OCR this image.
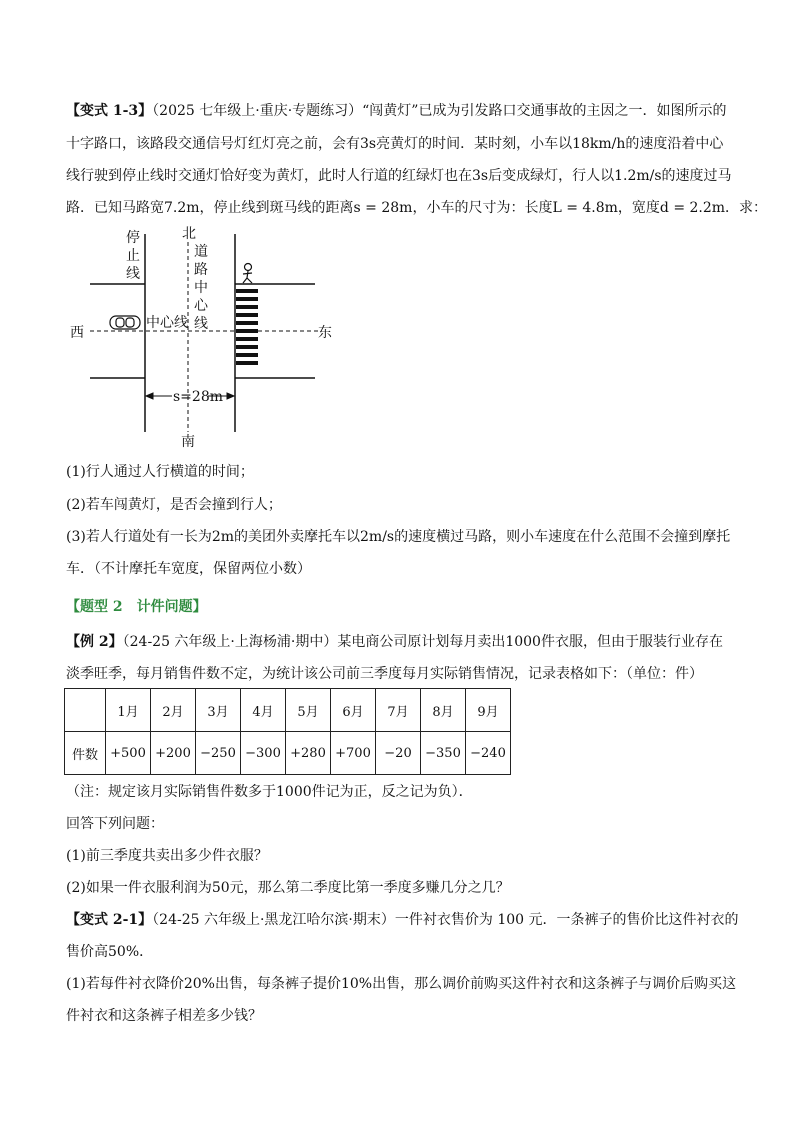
【变式 1-3】（2025 七年级上·重庆·专题练习）“闯黄灯”已成为引发路口交通事故的主因之一．如图所示的
十字路口，该路段交通信号灯红灯亮之前，会有3s亮黄灯的时间．某时刻，小车以18km/h的速度沿着中心
线行驶到停止线时交通灯恰好变为黄灯，此时人行道的红绿灯也在3s后变成绿灯，行人以1.2m/s的速度过马
路．已知马路宽7.2m，停止线到斑马线的距离s = 28m，小车的尺寸为：长度L = 4.8m，宽度d = 2.2m．求：
停
止
线
北
道
路
中
心
线
中心线
西	东
南
s=28m
(1)行人通过人行横道的时间；
(2)若车闯黄灯，是否会撞到行人；
(3)若人行道处有一长为2m的美团外卖摩托车以2m/s的速度横过马路，则小车速度在什么范围不会撞到摩托
车．（不计摩托车宽度，保留两位小数）
【题型 2　计件问题】
【例 2】（24-25 六年级上·上海杨浦·期中）某电商公司原计划每月卖出1000件衣服，但由于服装行业存在
淡季旺季，每月销售件数不定，为统计该公司前三季度每月实际销售情况，记录表格如下：（单位：件）
	1月	2月	3月	4月	5月	6月	7月	8月	9月
件数	+500	+200	−250	−300	+280	+700	−20	−350	−240
（注：规定该月实际销售件数多于1000件记为正，反之记为负）．
回答下列问题：
(1)前三季度共卖出多少件衣服？
(2)如果一件衣服利润为50元，那么第二季度比第一季度多赚几分之几？
【变式 2-1】（24-25 六年级上·黑龙江哈尔滨·期末）一件衬衣售价为 100 元．一条裤子的售价比这件衬衣的
售价高50%．
(1)若每件衬衣降价20%出售，每条裤子提价10%出售，那么调价前购买这件衬衣和这条裤子与调价后购买这
件衬衣和这条裤子相差多少钱？
